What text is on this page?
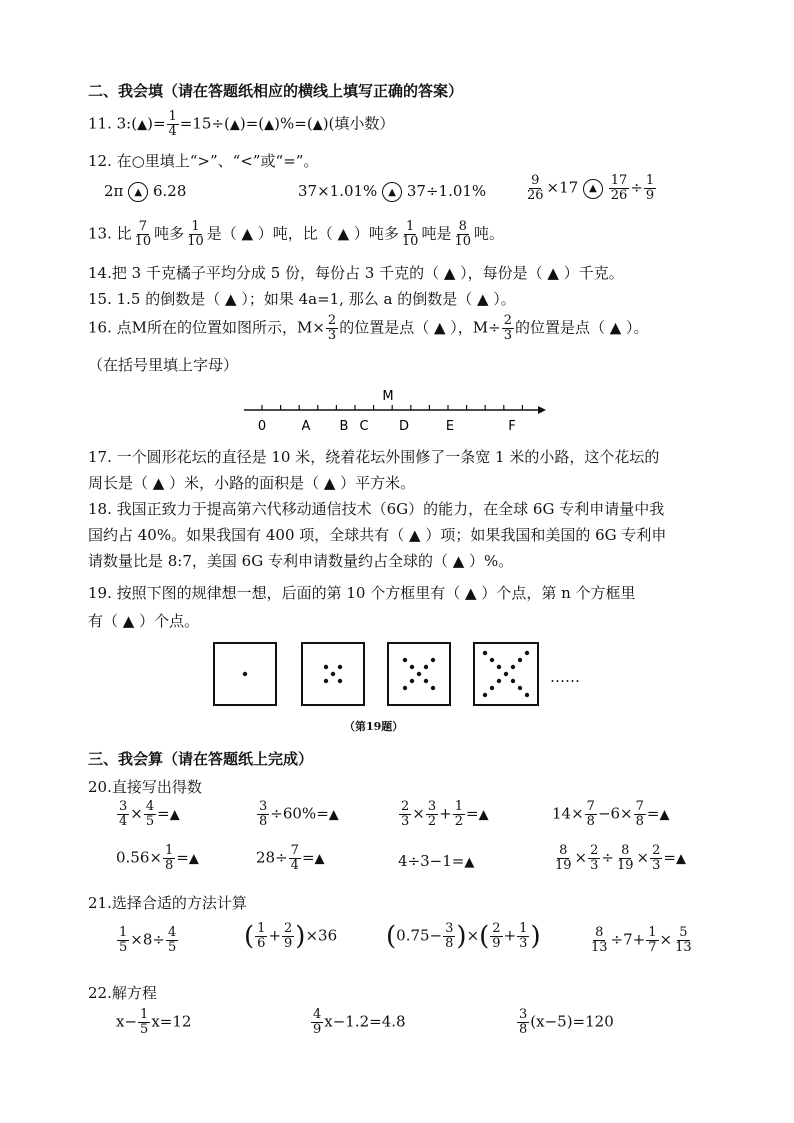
二、我会填（请在答题纸相应的横线上填写正确的答案）
11. 3:(▲)= $\frac{1}{4}$ =15÷(▲)=(▲)%=(▲)(填小数）
12. 在○里填上“>”、“<”或“=”。
2π ▲ 6.28	37×1.01% ▲ 37÷1.01%	$\frac{9}{26} \times 17$ ▲ $\frac{17}{26} \div \frac{1}{9}$
13. 比 $\frac{7}{10}$ 吨多 $\frac{1}{10}$ 是（ ▲ ）吨，比（ ▲ ）吨多 $\frac{1}{10}$ 吨是 $\frac{8}{10}$ 吨。
14.把 3 千克橘子平均分成 5 份，每份占 3 千克的（ ▲ ），每份是（ ▲ ）千克。
15. 1.5 的倒数是（ ▲ ）；如果 4a=1, 那么 a 的倒数是（ ▲ ）。
16. 点M所在的位置如图所示，$M\times \frac{2}{3}$ 的位置是点（ ▲ ），$M\div \frac{2}{3}$ 的位置是点（ ▲ ）。
（在括号里填上字母）
M
0	A B C D	E	F
17. 一个圆形花坛的直径是 10 米，绕着花坛外围修了一条宽 1 米的小路，这个花坛的
周长是（ ▲ ）米，小路的面积是（ ▲ ）平方米。
18. 我国正致力于提高第六代移动通信技术（6G）的能力，在全球 6G 专利申请量中我
国约占 40%。如果我国有 400 项，全球共有（ ▲ ）项；如果我国和美国的 6G 专利申
请数量比是 8:7，美国 6G 专利申请数量约占全球的（ ▲ ）%。
19. 按照下图的规律想一想，后面的第 10 个方框里有（ ▲ ）个点，第 n 个方框里
有（ ▲ ）个点。
……
（第19题）
三、我会算（请在答题纸上完成）
20.直接写出得数
$\frac{3}{4} \times \frac{4}{5}$ =▲	$\frac{3}{8}$ ÷60%=▲	$\frac{2}{3} \times \frac{3}{2} + \frac{1}{2}$ =▲	$14\times \frac{7}{8} -6\times \frac{7}{8}$ =▲
$0.56\times \frac{1}{8}$ =▲	$28\div \frac{7}{4}$ =▲	4÷3−1=▲	$\frac{8}{19} \times \frac{2}{3} \div \frac{8}{19} \times \frac{2}{3}$ =▲
21.选择合适的方法计算
$\frac{1}{5} \times 8\div \frac{4}{5}$	( $\frac{1}{6} + \frac{2}{9} )\times 36$ ($0.75- \frac{3}{8}$ )×( $\frac{2}{9} + \frac{1}{3}$ )	$\frac{8}{13} \div 7+ \frac{1}{7} \times \frac{5}{13}$
22.解方程
$x- \frac{1}{5} x=12$	$\frac{4}{9} x-1.2=4.8$	$\frac{3}{8} (x-5)=120$
